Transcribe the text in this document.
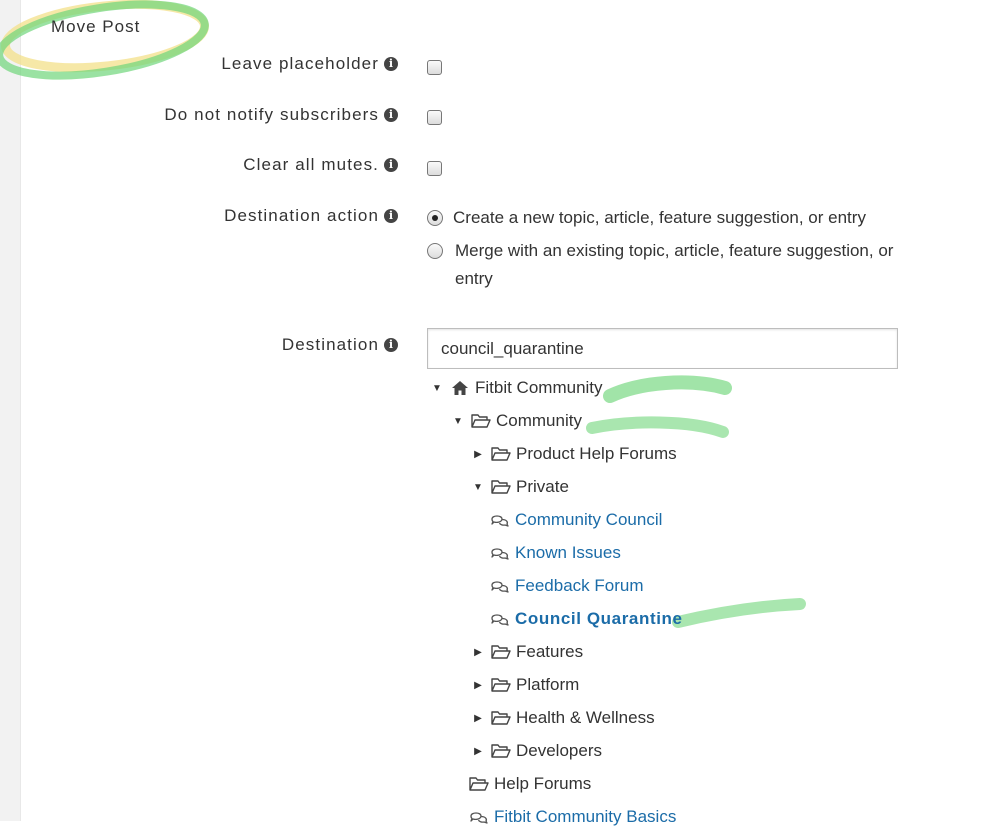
Move Post
Leave placeholder i
Do not notify subscribers i
Clear all mutes. i
Destination action i	Create a new topic, article, feature suggestion, or entry
Merge with an existing topic, article, feature suggestion, or
entry
Destination i
council_quarantine
▼ Fitbit Community
▼ Community
▶ Product Help Forums
▼ Private
Community Council
Known Issues
Feedback Forum
Council Quarantine
▶ Features
▶ Platform
▶ Health & Wellness
▶ Developers
Help Forums
Fitbit Community Basics
